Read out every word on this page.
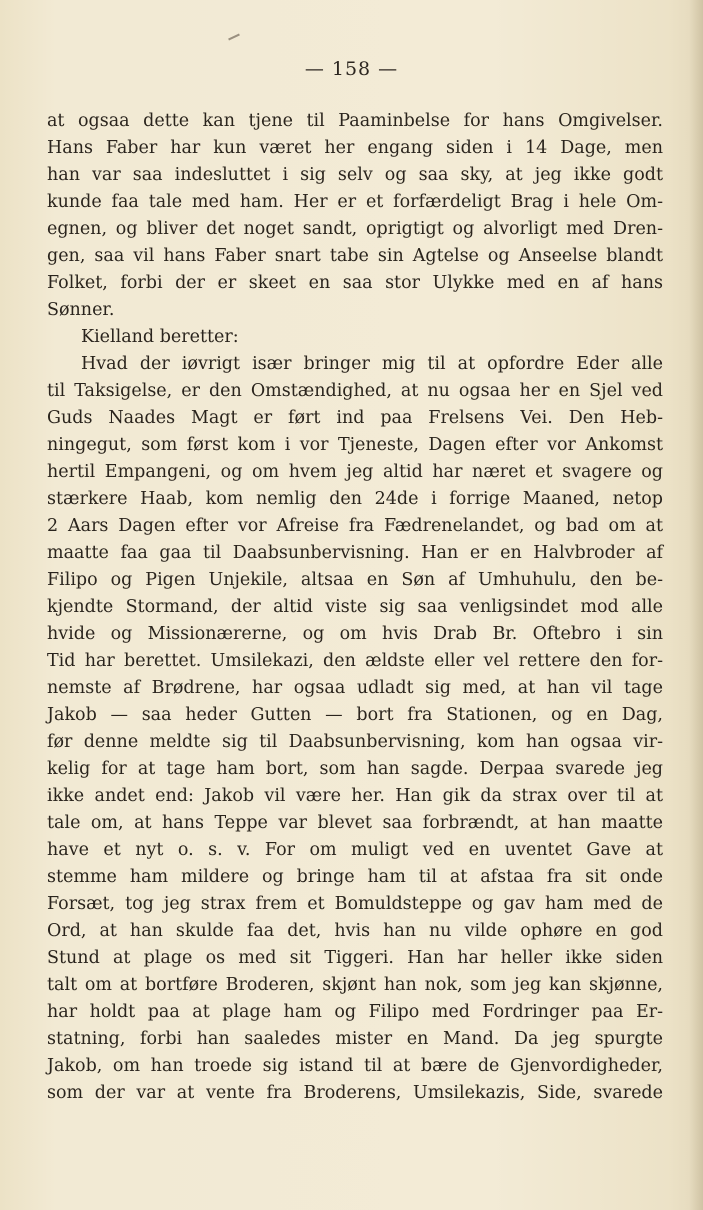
— 158 —
at ogsaa dette kan tjene til Paaminbelse for hans Omgivelser.
Hans Faber har kun været her engang siden i 14 Dage, men
han var saa indesluttet i sig selv og saa sky, at jeg ikke godt
kunde faa tale med ham. Her er et forfærdeligt Brag i hele Om-
egnen, og bliver det noget sandt, oprigtigt og alvorligt med Dren-
gen, saa vil hans Faber snart tabe sin Agtelse og Anseelse blandt
Folket, forbi der er skeet en saa stor Ulykke med en af hans
Sønner.
Kielland beretter:
Hvad der iøvrigt især bringer mig til at opfordre Eder alle
til Taksigelse, er den Omstændighed, at nu ogsaa her en Sjel ved
Guds Naades Magt er ført ind paa Frelsens Vei. Den Heb-
ningegut, som først kom i vor Tjeneste, Dagen efter vor Ankomst
hertil Empangeni, og om hvem jeg altid har næret et svagere og
stærkere Haab, kom nemlig den 24de i forrige Maaned, netop
2 Aars Dagen efter vor Afreise fra Fædrenelandet, og bad om at
maatte faa gaa til Daabsunbervisning. Han er en Halvbroder af
Filipo og Pigen Unjekile, altsaa en Søn af Umhuhulu, den be-
kjendte Stormand, der altid viste sig saa venligsindet mod alle
hvide og Missionærerne, og om hvis Drab Br. Oftebro i sin
Tid har berettet. Umsilekazi, den ældste eller vel rettere den for-
nemste af Brødrene, har ogsaa udladt sig med, at han vil tage
Jakob — saa heder Gutten — bort fra Stationen, og en Dag,
før denne meldte sig til Daabsunbervisning, kom han ogsaa vir-
kelig for at tage ham bort, som han sagde. Derpaa svarede jeg
ikke andet end: Jakob vil være her. Han gik da strax over til at
tale om, at hans Teppe var blevet saa forbrændt, at han maatte
have et nyt o. s. v. For om muligt ved en uventet Gave at
stemme ham mildere og bringe ham til at afstaa fra sit onde
Forsæt, tog jeg strax frem et Bomuldsteppe og gav ham med de
Ord, at han skulde faa det, hvis han nu vilde ophøre en god
Stund at plage os med sit Tiggeri. Han har heller ikke siden
talt om at bortføre Broderen, skjønt han nok, som jeg kan skjønne,
har holdt paa at plage ham og Filipo med Fordringer paa Er-
statning, forbi han saaledes mister en Mand. Da jeg spurgte
Jakob, om han troede sig istand til at bære de Gjenvordigheder,
som der var at vente fra Broderens, Umsilekazis, Side, svarede
